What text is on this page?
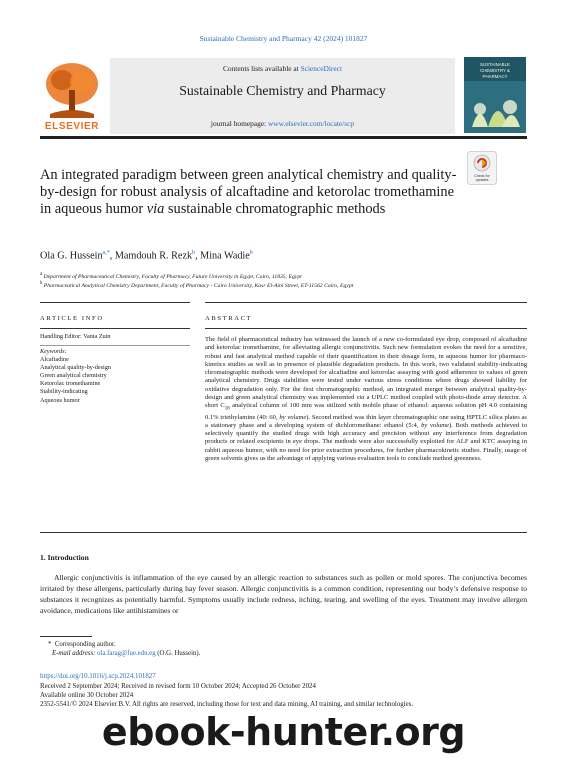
Sustainable Chemistry and Pharmacy 42 (2024) 101827
ELSEVIER
Contents lists available at ScienceDirect
Sustainable Chemistry and Pharmacy
journal homepage: www.elsevier.com/locate/scp
SUSTAINABLE
CHEMISTRY &
PHARMACY
Check for
updates
An integrated paradigm between green analytical chemistry and quality-by-design for robust analysis of alcaftadine and ketorolac tromethamine in aqueous humor via sustainable chromatographic methods
Ola G. Hussein$^{a,*}$, Mamdouh R. Rezk$^b$, Mina Wadie$^b$
$^a$ Department of Pharmaceutical Chemistry, Faculty of Pharmacy, Future University in Egypt, Cairo, 11835, Egypt
$^b$ Pharmaceutical Analytical Chemistry Department, Faculty of Pharmacy - Cairo University, Kasr El-Aini Street, ET-11562 Cairo, Egypt
ARTICLE INFO
Handling Editor: Vania Zuin
Keywords:
Alcaftadine
Analytical quality-by-design
Green analytical chemistry
Ketorolac tromethamine
Stability-indicating
Aqueous humor
ABSTRACT
The field of pharmaceutical industry has witnessed the launch of a new co-formulated eye drop, composed of alcaftadine and ketorolac tromethamine, for alleviating allergic conjunctivitis. Such new formulation evokes the need for a sensitive, robust and fast analytical method capable of their quantification in their dosage form, in aqueous humor for pharmaco-kinetics studies as well as in presence of plausible degradation products. In this work, two validated stability-indicating chromatographic methods were developed for alcaftadine and ketorolac assaying with good adherence to values of green analytical chemistry. Drugs stabilities were tested under various stress conditions where drugs showed liability for oxidative degradation only. For the first chromatographic method, an integrated merger between analytical quality-by-design and green analytical chemistry was implemented via a UPLC method coupled with photo-diode array detector. A short $C_{18}$ analytical column of 100 mm was utilized with mobile phase of ethanol: aqueous solution pH 4.0 containing 0.1% triethylamine (40: 60, by volume). Second method was thin layer chromatographic one using HPTLC silica plates as a stationary phase and a developing system of dichloromethane: ethanol (5:4, by volume). Both methods achieved to selectively quantify the studied drugs with high accuracy and precision without any interference from degradation products or related excipients in eye drops. The methods were also successfully exploited for ALF and KTC assaying in rabbit aqueous humor, with no need for prior extraction procedures, for further pharmacokinetic studies. Finally, usage of green solvents gives us the advantage of applying various evaluation tools to conclude method greenness.
1. Introduction
Allergic conjunctivitis is inflammation of the eye caused by an allergic reaction to substances such as pollen or mold spores. The conjunctiva becomes irritated by these allergens, particularly during hay fever season. Allergic conjunctivitis is a common condition, representing our body’s defensive response to substances it recognizes as potentially harmful. Symptoms usually include redness, itching, tearing, and swelling of the eyes. Treatment may involve allergen avoidance, medications like antihistamines or
* Corresponding author.
E-mail address: ola.farag@fue.edu.eg (O.G. Hussein).
https://doi.org/10.1016/j.scp.2024.101827
Received 2 September 2024; Received in revised form 10 October 2024; Accepted 26 October 2024
Available online 30 October 2024
2352-5541/© 2024 Elsevier B.V. All rights are reserved, including those for text and data mining, AI training, and similar technologies.
ebook-hunter.org
